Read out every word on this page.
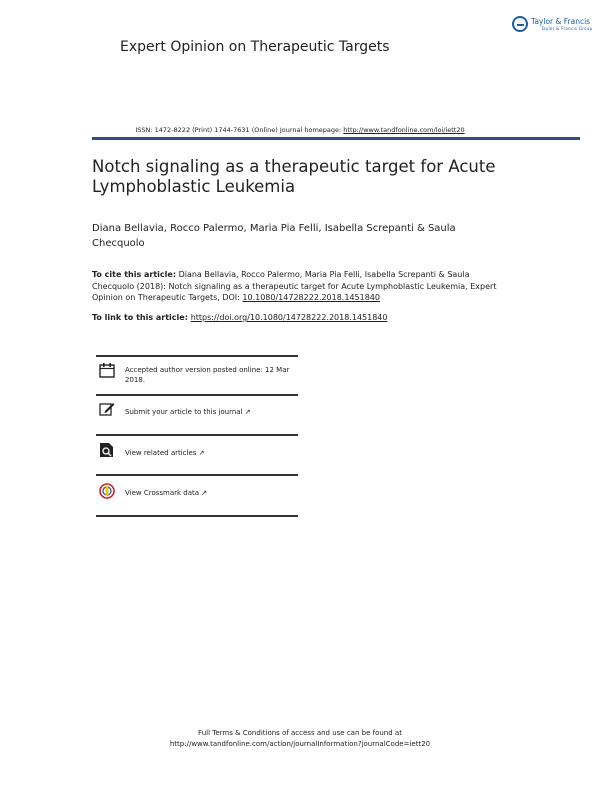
Expert Opinion on Therapeutic Targets
Taylor & Francis
Taylor & Francis Group
ISSN: 1472-8222 (Print) 1744-7631 (Online) Journal homepage: http://www.tandfonline.com/loi/iett20
Notch signaling as a therapeutic target for Acute Lymphoblastic Leukemia
Diana Bellavia, Rocco Palermo, Maria Pia Felli, Isabella Screpanti & Saula Checquolo
To cite this article: Diana Bellavia, Rocco Palermo, Maria Pia Felli, Isabella Screpanti & Saula Checquolo (2018): Notch signaling as a therapeutic target for Acute Lymphoblastic Leukemia, Expert Opinion on Therapeutic Targets, DOI: 10.1080/14728222.2018.1451840
To link to this article: https://doi.org/10.1080/14728222.2018.1451840
Accepted author version posted online: 12 Mar 2018.
Submit your article to this journal ↗
View related articles ↗
View Crossmark data ↗
Full Terms & Conditions of access and use can be found at
http://www.tandfonline.com/action/journalInformation?journalCode=iett20
